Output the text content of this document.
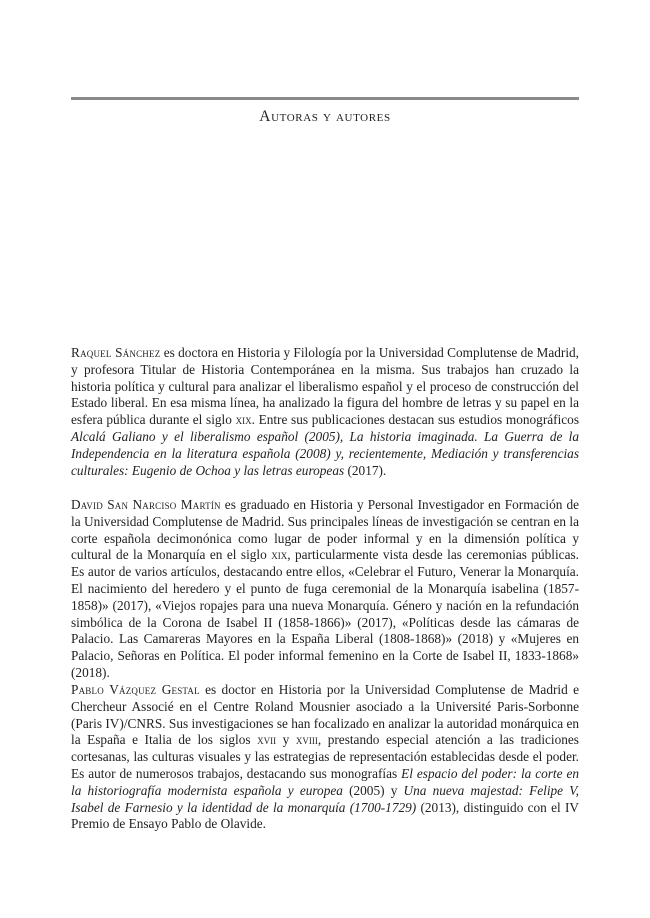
Autoras y autores

Raquel Sánchez es doctora en Historia y Filología por la Universidad Complutense de Madrid, y profesora Titular de Historia Contemporánea en la misma. Sus trabajos han cruzado la historia política y cultural para analizar el liberalismo español y el proceso de construcción del Estado liberal. En esa misma línea, ha analizado la figura del hombre de letras y su papel en la esfera pública durante el siglo xix. Entre sus publicaciones destacan sus estudios monográficos Alcalá Galiano y el liberalismo español (2005), La historia imaginada. La Guerra de la Independencia en la literatura española (2008) y, recientemente, Mediación y transferencias culturales: Eugenio de Ochoa y las letras europeas (2017).

David San Narciso Martín es graduado en Historia y Personal Investigador en Formación de la Universidad Complutense de Madrid. Sus principales líneas de investigación se centran en la corte española decimonónica como lugar de poder informal y en la dimensión política y cultural de la Monarquía en el siglo xix, particularmente vista desde las ceremonias públicas. Es autor de varios artículos, destacando entre ellos, «Celebrar el Futuro, Venerar la Monarquía. El nacimiento del heredero y el punto de fuga ceremonial de la Monarquía isabelina (1857-1858)» (2017), «Viejos ropajes para una nueva Monarquía. Género y nación en la refundación simbólica de la Corona de Isabel II (1858-1866)» (2017), «Políticas desde las cámaras de Palacio. Las Camareras Mayores en la España Liberal (1808-1868)» (2018) y «Mujeres en Palacio, Señoras en Política. El poder informal femenino en la Corte de Isabel II, 1833-1868» (2018).

Pablo Vázquez Gestal es doctor en Historia por la Universidad Complutense de Madrid e Chercheur Associé en el Centre Roland Mousnier asociado a la Université Paris-Sorbonne (Paris IV)/CNRS. Sus investigaciones se han focalizado en analizar la autoridad monárquica en la España e Italia de los siglos xvii y xviii, prestando especial atención a las tradiciones cortesanas, las culturas visuales y las estrategias de representación establecidas desde el poder. Es autor de numerosos trabajos, destacando sus monografías El espacio del poder: la corte en la historiografía modernista española y europea (2005) y Una nueva majestad: Felipe V, Isabel de Farnesio y la identidad de la monarquía (1700-1729) (2013), distinguido con el IV Premio de Ensayo Pablo de Olavide.
